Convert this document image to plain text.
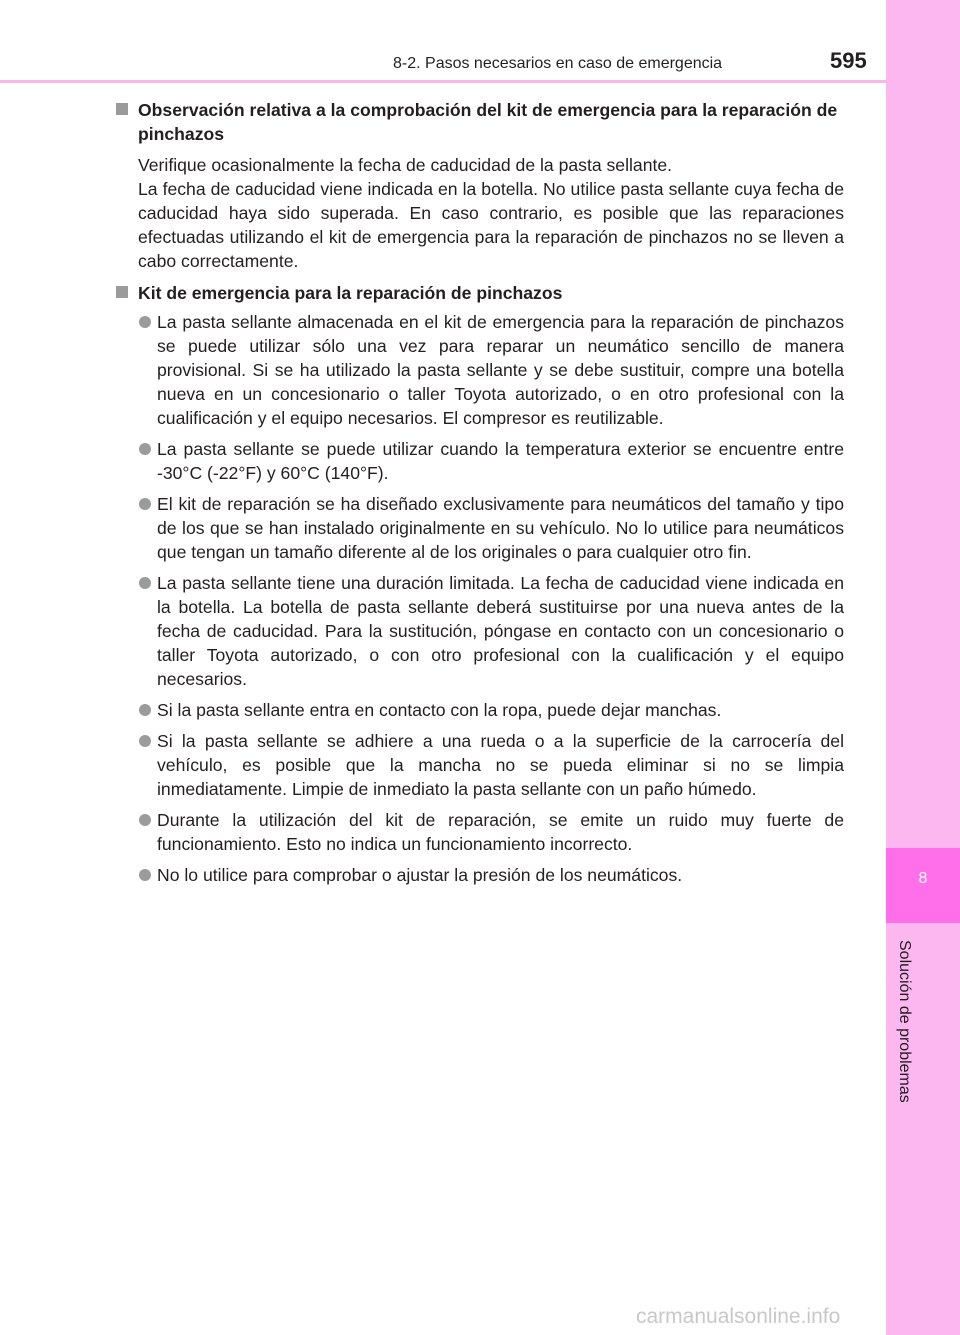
8-2. Pasos necesarios en caso de emergencia	595
8
Solución de problemas
Observación relativa a la comprobación del kit de emergencia para la reparación de pinchazos
Verifique ocasionalmente la fecha de caducidad de la pasta sellante.
La fecha de caducidad viene indicada en la botella. No utilice pasta sellante cuya fecha de caducidad haya sido superada. En caso contrario, es posible que las reparaciones efectuadas utilizando el kit de emergencia para la reparación de pinchazos no se lleven a cabo correctamente.
Kit de emergencia para la reparación de pinchazos
La pasta sellante almacenada en el kit de emergencia para la reparación de pinchazos se puede utilizar sólo una vez para reparar un neumático sencillo de manera provisional. Si se ha utilizado la pasta sellante y se debe sustituir, compre una botella nueva en un concesionario o taller Toyota autorizado, o en otro profesional con la cualificación y el equipo necesarios. El compresor es reutilizable.
La pasta sellante se puede utilizar cuando la temperatura exterior se encuentre entre -30°C (-22°F) y 60°C (140°F).
El kit de reparación se ha diseñado exclusivamente para neumáticos del tamaño y tipo de los que se han instalado originalmente en su vehículo. No lo utilice para neumáticos que tengan un tamaño diferente al de los originales o para cualquier otro fin.
La pasta sellante tiene una duración limitada. La fecha de caducidad viene indicada en la botella. La botella de pasta sellante deberá sustituirse por una nueva antes de la fecha de caducidad. Para la sustitución, póngase en contacto con un concesionario o taller Toyota autorizado, o con otro profesional con la cualificación y el equipo necesarios.
Si la pasta sellante entra en contacto con la ropa, puede dejar manchas.
Si la pasta sellante se adhiere a una rueda o a la superficie de la carrocería del vehículo, es posible que la mancha no se pueda eliminar si no se limpia inmediatamente. Limpie de inmediato la pasta sellante con un paño húmedo.
Durante la utilización del kit de reparación, se emite un ruido muy fuerte de funcionamiento. Esto no indica un funcionamiento incorrecto.
No lo utilice para comprobar o ajustar la presión de los neumáticos.
carmanualsonline.info
